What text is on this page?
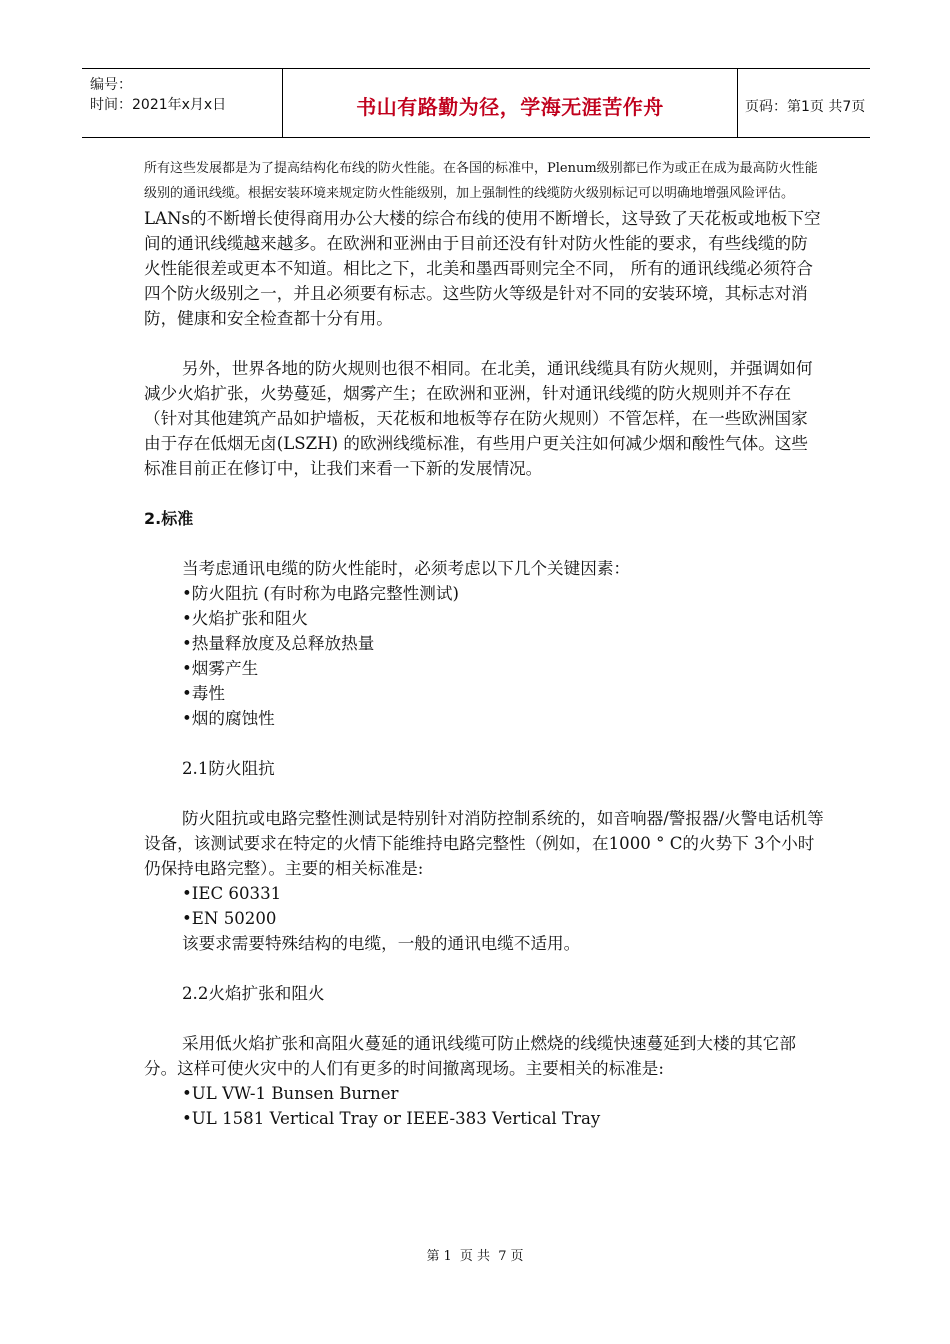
编号：
时间：2021年x月x日	书山有路勤为径，学海无涯苦作舟	页码：第1页 共7页

所有这些发展都是为了提高结构化布线的防火性能。在各国的标准中，Plenum级别都已作为或正在成为最高防火性能级别的通讯线缆。根据安装环境来规定防火性能级别，加上强制性的线缆防火级别标记可以明确地增强风险评估。

LANs的不断增长使得商用办公大楼的综合布线的使用不断增长，这导致了天花板或地板下空间的通讯线缆越来越多。在欧洲和亚洲由于目前还没有针对防火性能的要求，有些线缆的防火性能很差或更本不知道。相比之下，北美和墨西哥则完全不同， 所有的通讯线缆必须符合四个防火级别之一，并且必须要有标志。这些防火等级是针对不同的安装环境，其标志对消防，健康和安全检查都十分有用。

另外，世界各地的防火规则也很不相同。在北美，通讯线缆具有防火规则，并强调如何减少火焰扩张，火势蔓延，烟雾产生；在欧洲和亚洲，针对通讯线缆的防火规则并不存在（针对其他建筑产品如护墙板，天花板和地板等存在防火规则）不管怎样，在一些欧洲国家由于存在低烟无卤(LSZH) 的欧洲线缆标准，有些用户更关注如何减少烟和酸性气体。这些标准目前正在修订中，让我们来看一下新的发展情况。

2.标准

当考虑通讯电缆的防火性能时，必须考虑以下几个关键因素：

•防火阻抗 (有时称为电路完整性测试)

•火焰扩张和阻火

•热量释放度及总释放热量

•烟雾产生

•毒性

•烟的腐蚀性

2.1防火阻抗

防火阻抗或电路完整性测试是特别针对消防控制系统的，如音响器/警报器/火警电话机等设备，该测试要求在特定的火情下能维持电路完整性（例如，在1000 ° C的火势下 3个小时仍保持电路完整）。主要的相关标准是:

•IEC 60331

•EN 50200

该要求需要特殊结构的电缆，一般的通讯电缆不适用。

2.2火焰扩张和阻火

采用低火焰扩张和高阻火蔓延的通讯线缆可防止燃烧的线缆快速蔓延到大楼的其它部分。这样可使火灾中的人们有更多的时间撤离现场。主要相关的标准是:

•UL VW-1 Bunsen Burner

•UL 1581 Vertical Tray or IEEE-383 Vertical Tray

第 1 页 共 7 页
